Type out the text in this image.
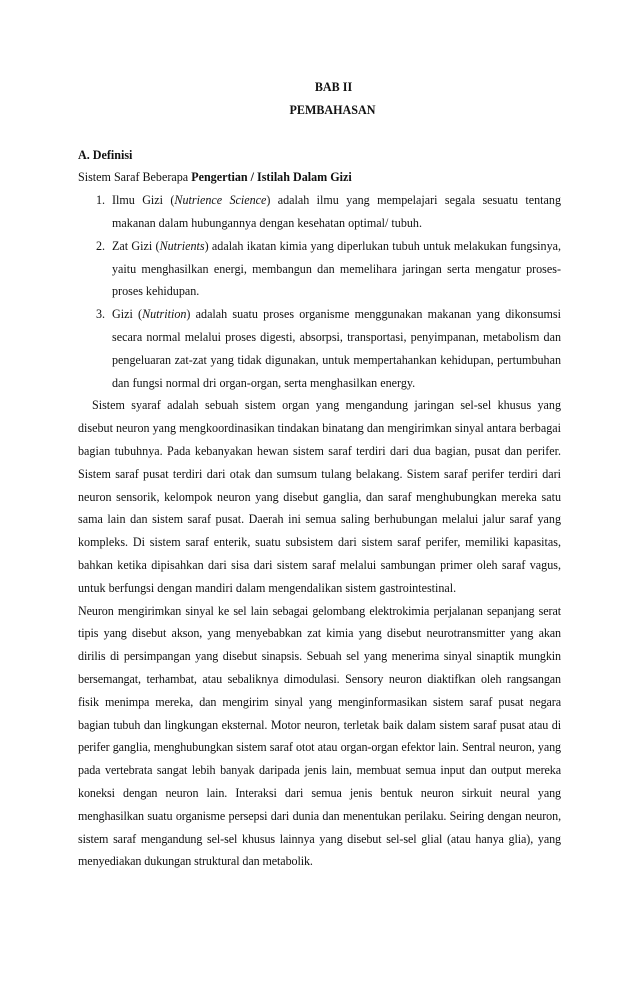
BAB II

PEMBAHASAN

A. Definisi

Sistem Saraf Beberapa Pengertian / Istilah Dalam Gizi

1. Ilmu Gizi (Nutrience Science) adalah ilmu yang mempelajari segala sesuatu tentang makanan dalam hubungannya dengan kesehatan optimal/ tubuh.
2. Zat Gizi (Nutrients) adalah ikatan kimia yang diperlukan tubuh untuk melakukan fungsinya, yaitu menghasilkan energi, membangun dan memelihara jaringan serta mengatur proses-proses kehidupan.
3. Gizi (Nutrition) adalah suatu proses organisme menggunakan makanan yang dikonsumsi secara normal melalui proses digesti, absorpsi, transportasi, penyimpanan, metabolism dan pengeluaran zat-zat yang tidak digunakan, untuk mempertahankan kehidupan, pertumbuhan dan fungsi normal dri organ-organ, serta menghasilkan energy.

Sistem syaraf adalah sebuah sistem organ yang mengandung jaringan sel-sel khusus yang disebut neuron yang mengkoordinasikan tindakan binatang dan mengirimkan sinyal antara berbagai bagian tubuhnya. Pada kebanyakan hewan sistem saraf terdiri dari dua bagian, pusat dan perifer. Sistem saraf pusat terdiri dari otak dan sumsum tulang belakang. Sistem saraf perifer terdiri dari neuron sensorik, kelompok neuron yang disebut ganglia, dan saraf menghubungkan mereka satu sama lain dan sistem saraf pusat. Daerah ini semua saling berhubungan melalui jalur saraf yang kompleks. Di sistem saraf enterik, suatu subsistem dari sistem saraf perifer, memiliki kapasitas, bahkan ketika dipisahkan dari sisa dari sistem saraf melalui sambungan primer oleh saraf vagus, untuk berfungsi dengan mandiri dalam mengendalikan sistem gastrointestinal.

Neuron mengirimkan sinyal ke sel lain sebagai gelombang elektrokimia perjalanan sepanjang serat tipis yang disebut akson, yang menyebabkan zat kimia yang disebut neurotransmitter yang akan dirilis di persimpangan yang disebut sinapsis. Sebuah sel yang menerima sinyal sinaptik mungkin bersemangat, terhambat, atau sebaliknya dimodulasi. Sensory neuron diaktifkan oleh rangsangan fisik menimpa mereka, dan mengirim sinyal yang menginformasikan sistem saraf pusat negara bagian tubuh dan lingkungan eksternal. Motor neuron, terletak baik dalam sistem saraf pusat atau di perifer ganglia, menghubungkan sistem saraf otot atau organ-organ efektor lain. Sentral neuron, yang pada vertebrata sangat lebih banyak daripada jenis lain, membuat semua input dan output mereka koneksi dengan neuron lain. Interaksi dari semua jenis bentuk neuron sirkuit neural yang menghasilkan suatu organisme persepsi dari dunia dan menentukan perilaku. Seiring dengan neuron, sistem saraf mengandung sel-sel khusus lainnya yang disebut sel-sel glial (atau hanya glia), yang menyediakan dukungan struktural dan metabolik.
